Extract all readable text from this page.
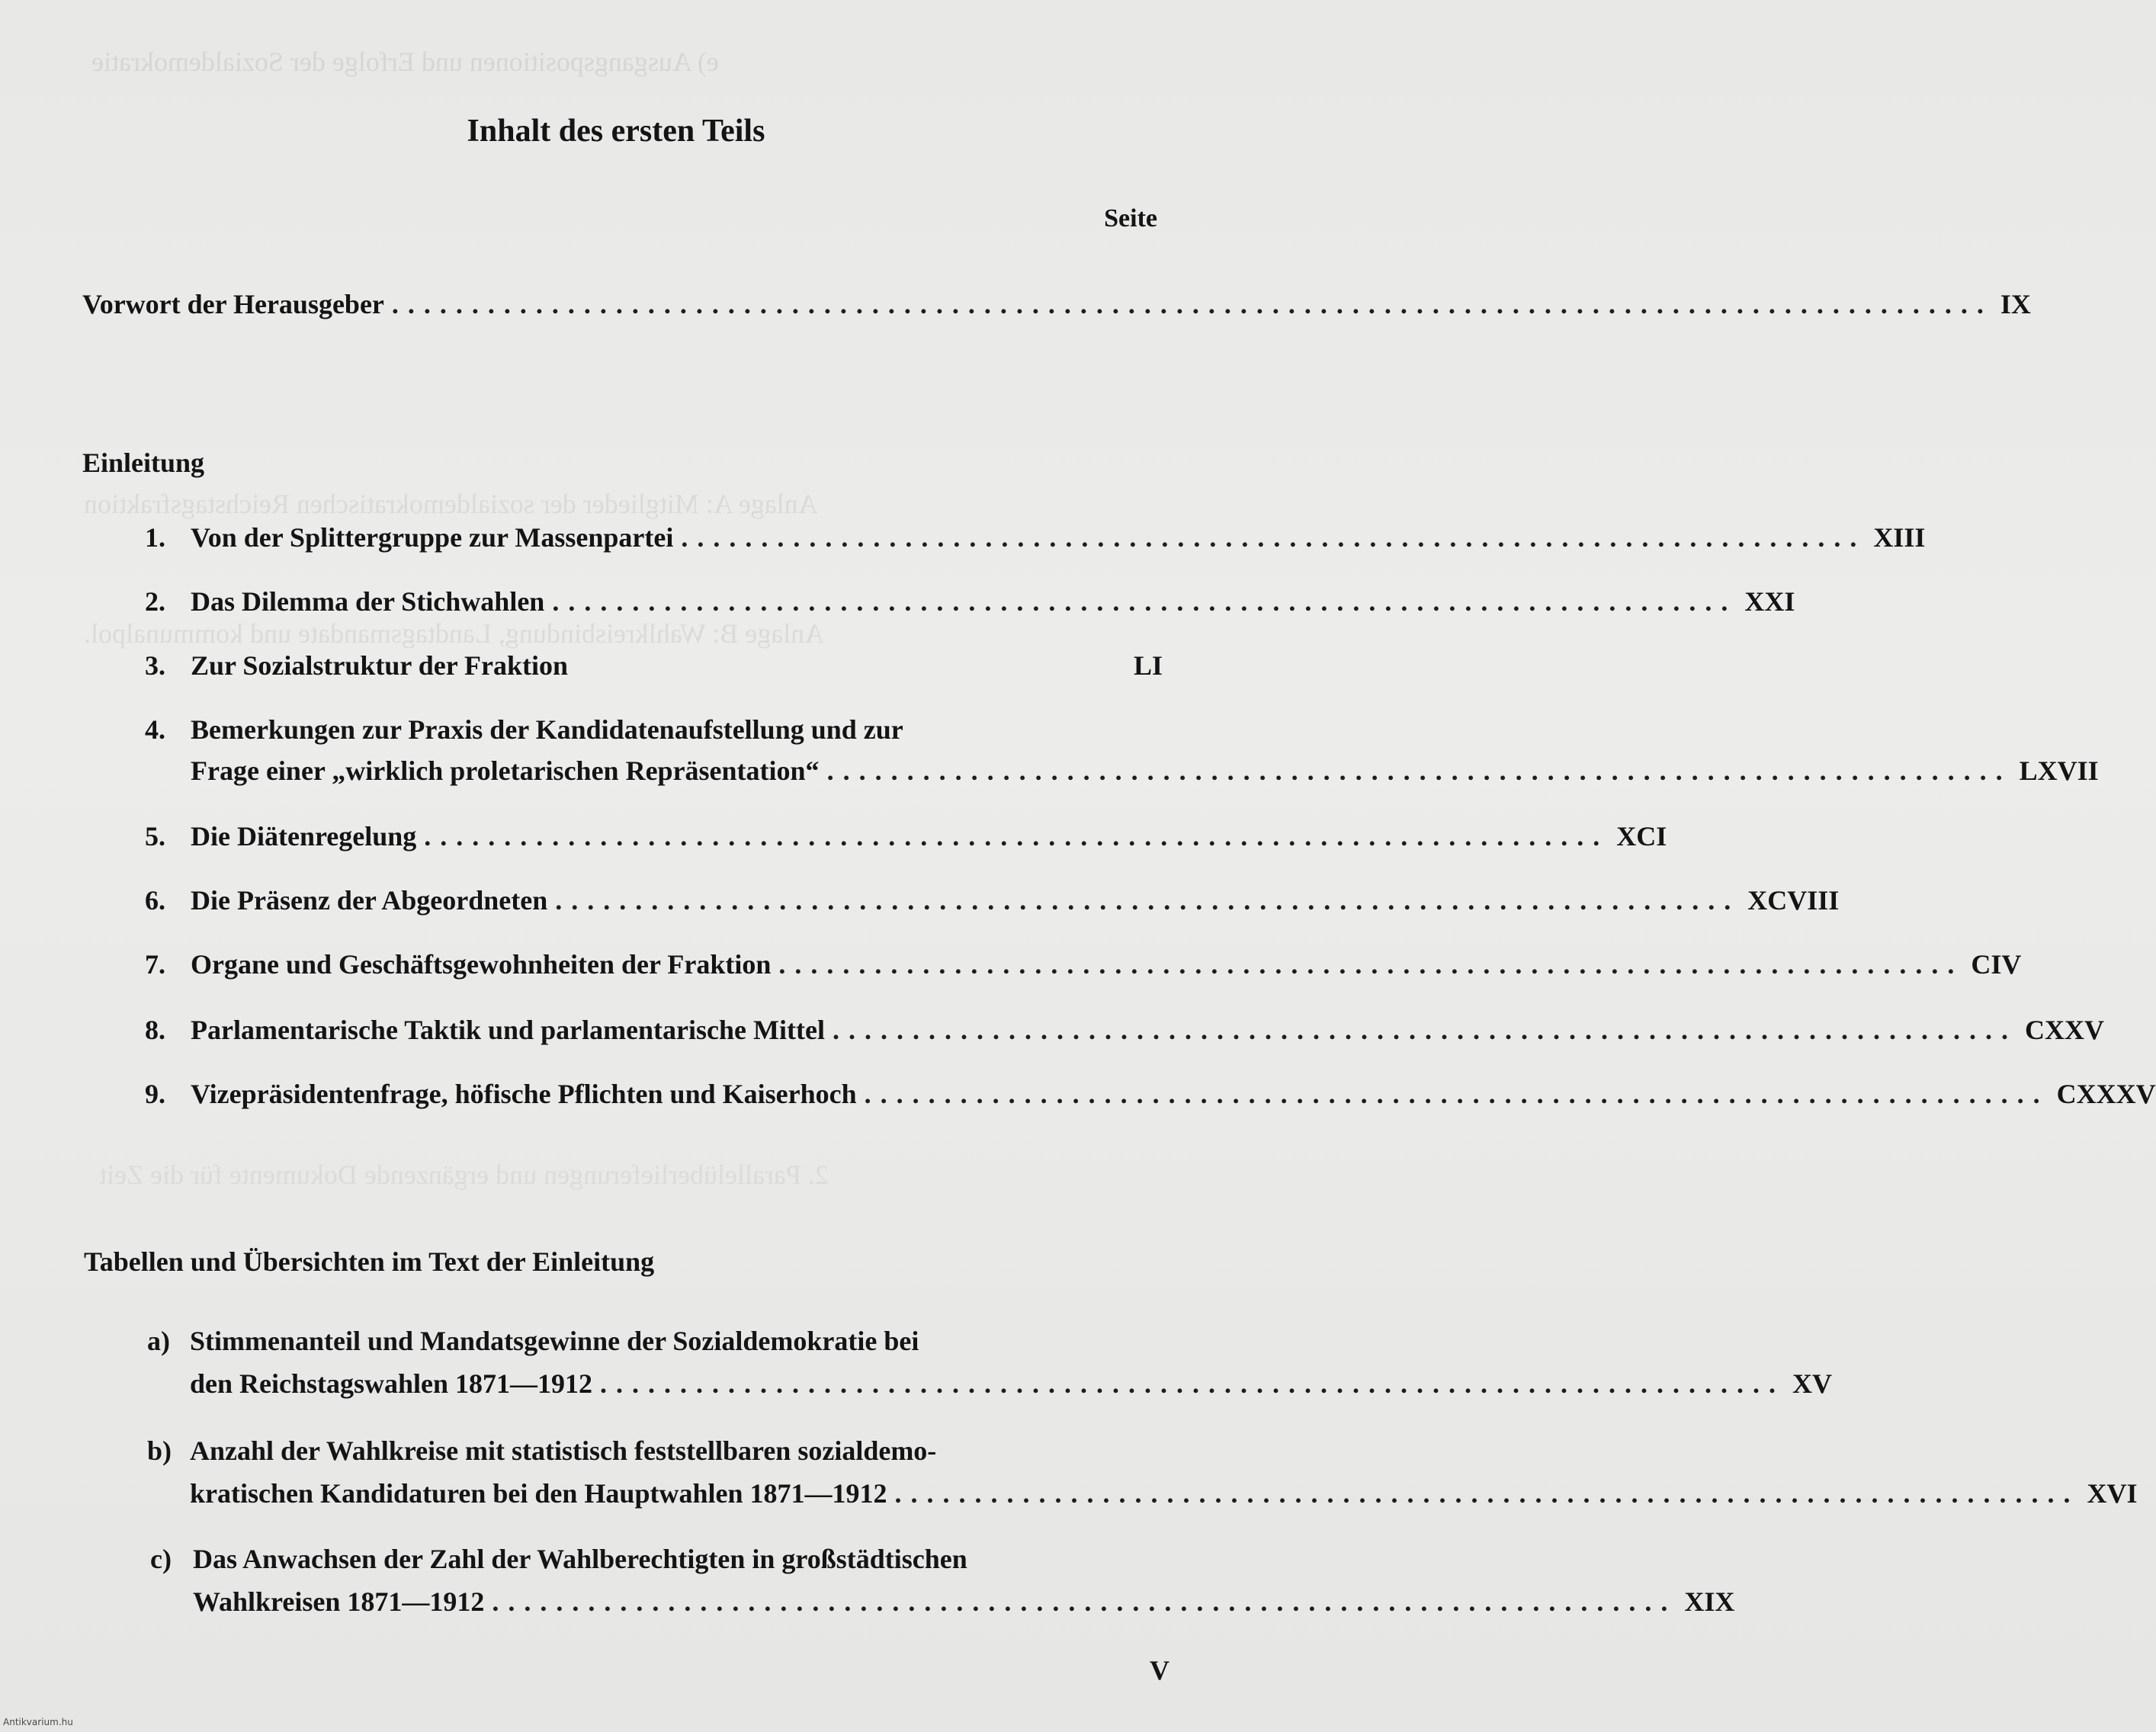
e) Ausgangspositionen und Erfolge der Sozialdemokratie
Anlage A: Mitglieder der sozialdemokratischen Reichstagsfraktion
Anlage B: Wahlkreisbindung, Landtagsmandate und kommunalpol.
2. Parallelüberlieferungen und ergänzende Dokumente für die Zeit
Inhalt des ersten Teils
Seite
Vorwort der Herausgeber .................................................................................................... IX
Einleitung
1. Von der Splittergruppe zur Massenpartei .......................................................................... XIII
2. Das Dilemma der Stichwahlen .......................................................................... XXI
3. Zur Sozialstruktur der Fraktion	LI
4. Bemerkungen zur Praxis der Kandidatenaufstellung und zur
Frage einer „wirklich proletarischen Repräsentation“ .......................................................................... LXVII
5. Die Diätenregelung .......................................................................... XCI
6. Die Präsenz der Abgeordneten .......................................................................... XCVIII
7. Organe und Geschäftsgewohnheiten der Fraktion .......................................................................... CIV
8. Parlamentarische Taktik und parlamentarische Mittel .......................................................................... CXXV
9. Vizepräsidentenfrage, höfische Pflichten und Kaiserhoch .......................................................................... CXXXV
Tabellen und Übersichten im Text der Einleitung
a) Stimmenanteil und Mandatsgewinne der Sozialdemokratie bei
den Reichstagswahlen 1871—1912 .......................................................................... XV
b) Anzahl der Wahlkreise mit statistisch feststellbaren sozialdemo-
kratischen Kandidaturen bei den Hauptwahlen 1871—1912 .......................................................................... XVI
c) Das Anwachsen der Zahl der Wahlberechtigten in großstädtischen
Wahlkreisen 1871—1912 .......................................................................... XIX
V
Antikvarium.hu
